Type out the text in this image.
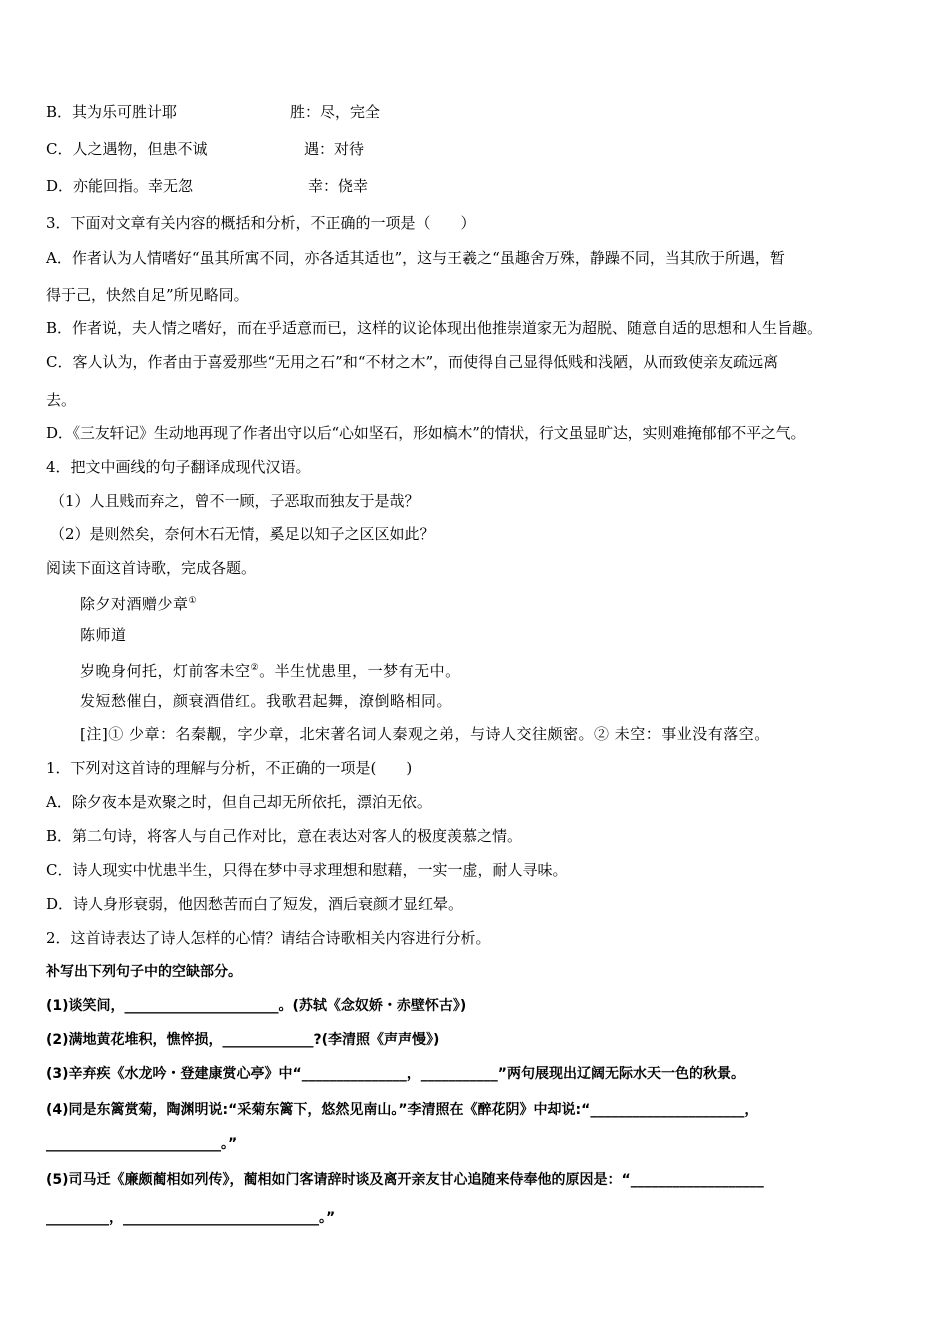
B．其为乐可胜计耶	胜：尽，完全
C．人之遇物，但患不诚	遇：对待
D．亦能回指。幸无忽	幸：侥幸
3．下面对文章有关内容的概括和分析，不正确的一项是（　　）
A．作者认为人情嗜好“虽其所寓不同，亦各适其适也”，这与王羲之“虽趣舍万殊，静躁不同，当其欣于所遇，暂
得于己，快然自足”所见略同。
B．作者说，夫人情之嗜好，而在乎适意而已，这样的议论体现出他推崇道家无为超脱、随意自适的思想和人生旨趣。
C．客人认为，作者由于喜爱那些“无用之石”和“不材之木”，而使得自己显得低贱和浅陋，从而致使亲友疏远离
去。
D．《三友轩记》生动地再现了作者出守以后“心如坚石，形如槁木”的情状，行文虽显旷达，实则难掩郁郁不平之气。
4．把文中画线的句子翻译成现代汉语。
（1）人且贱而弃之，曾不一顾，子恶取而独友于是哉？
（2）是则然矣，奈何木石无情，奚足以知子之区区如此？
阅读下面这首诗歌，完成各题。
除夕对酒赠少章①
陈师道
岁晚身何托，灯前客未空②。半生忧患里，一梦有无中。
发短愁催白，颜衰酒借红。我歌君起舞，潦倒略相同。
[注]① 少章：名秦觏，字少章，北宋著名词人秦观之弟，与诗人交往颇密。② 未空：事业没有落空。
1．下列对这首诗的理解与分析，不正确的一项是(　　)
A．除夕夜本是欢聚之时，但自己却无所依托，漂泊无依。
B．第二句诗，将客人与自己作对比，意在表达对客人的极度羡慕之情。
C．诗人现实中忧患半生，只得在梦中寻求理想和慰藉，一实一虚，耐人寻味。
D．诗人身形衰弱，他因愁苦而白了短发，酒后衰颜才显红晕。
2．这首诗表达了诗人怎样的心情？请结合诗歌相关内容进行分析。
补写出下列句子中的空缺部分。
(1)谈笑间，______________________。(苏轼《念奴娇・赤壁怀古》)
(2)满地黄花堆积，憔悴损，_____________?(李清照《声声慢》)
(3)辛弃疾《水龙吟・登建康赏心亭》中“_______________，___________”两句展现出辽阔无际水天一色的秋景。
(4)同是东篱赏菊，陶渊明说:“采菊东篱下，悠然见南山。”李清照在《醉花阴》中却说:“______________________，
_________________________。”
(5)司马迁《廉颇蔺相如列传》，蔺相如门客请辞时谈及离开亲友甘心追随来侍奉他的原因是：“___________________
_________，____________________________。”
